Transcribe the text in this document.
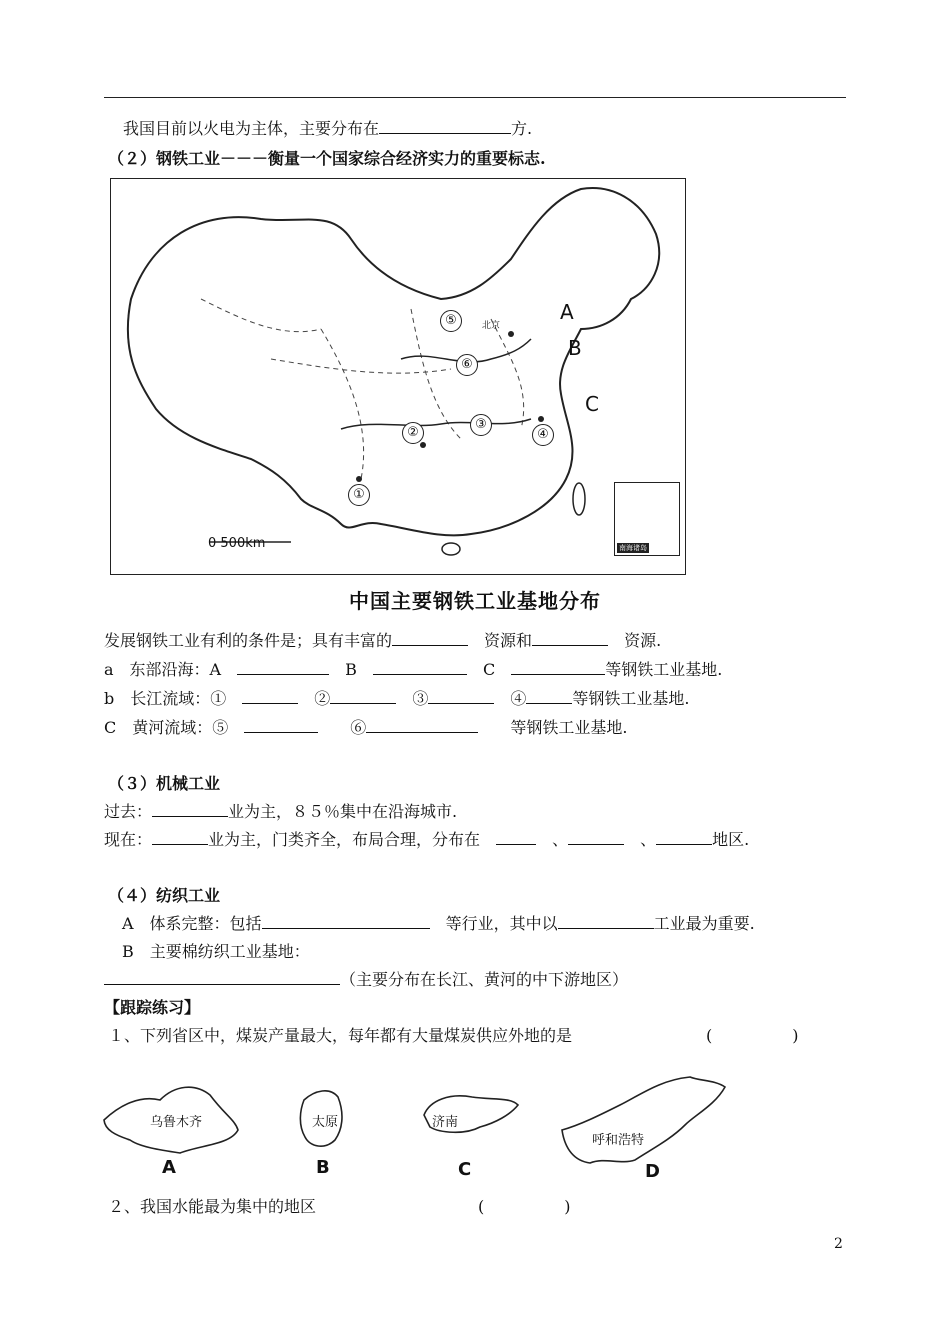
我国目前以火电为主体，主要分布在	方.
（２）钢铁工业－－－衡量一个国家综合经济实力的重要标志.
A
B
C
北京
①
②
③
④
⑤
⑥
0 500km	南海诸岛
中国主要钢铁工业基地分布
发展钢铁工业有利的条件是；具有丰富的　	资源和　	资源.
a　东部沿海：A　　	B　　	C　	等钢铁工业基地.
b　长江流域：①　　	②　	③　	④	等钢铁工业基地.
C　黄河流域：⑤　　　	⑥　　	等钢铁工业基地.
（３）机械工业
过去：	业为主，８５％集中在沿海城市.
现在：	业为主，门类齐全，布局合理，分布在　　	、　	、	地区.
（４）纺织工业
A　体系完整：包括　	等行业，其中以	工业最为重要.
B　主要棉纺织工业基地：
（主要分布在长江、黄河的中下游地区）
【跟踪练习】
１、下列省区中，煤炭产量最大，每年都有大量煤炭供应外地的是	(　　　　　)
乌鲁木齐	太原	济南
呼和浩特
A	B	C	D
２、我国水能最为集中的地区	(　　　　　)
2
